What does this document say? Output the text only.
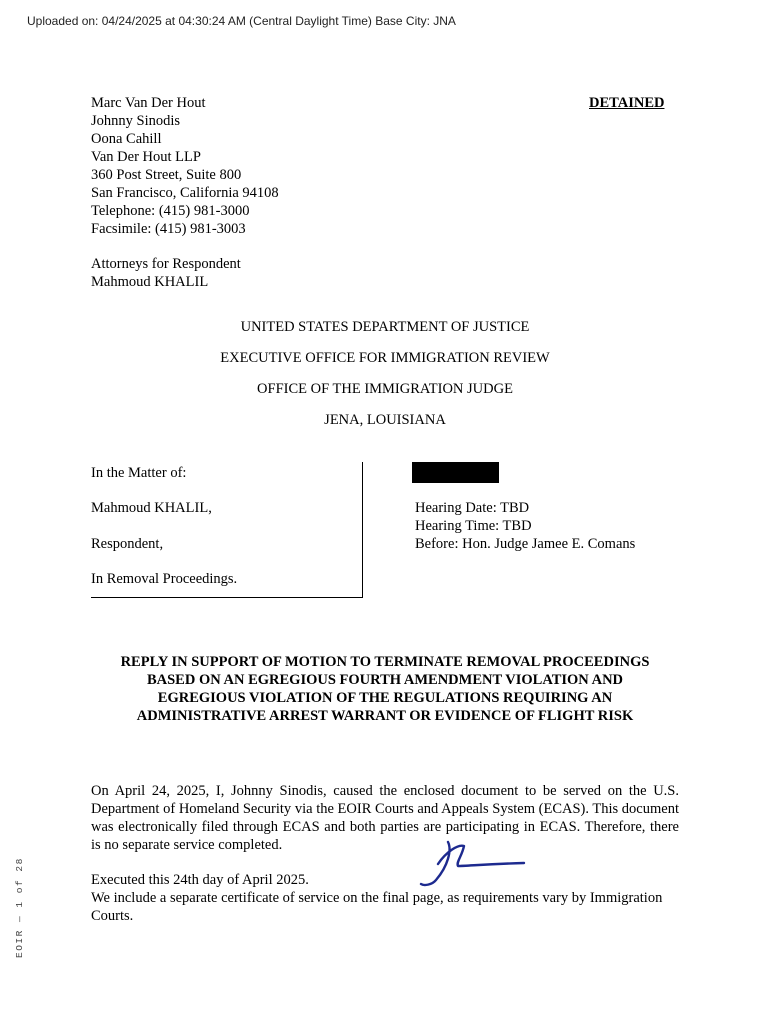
Uploaded on: 04/24/2025 at 04:30:24 AM (Central Daylight Time) Base City: JNA
EOIR — 1 of 28
Marc Van Der Hout
Johnny Sinodis
Oona Cahill
Van Der Hout LLP
360 Post Street, Suite 800
San Francisco, California 94108
Telephone: (415) 981-3000
Facsimile: (415) 981-3003
DETAINED
Attorneys for Respondent
Mahmoud KHALIL
UNITED STATES DEPARTMENT OF JUSTICE
EXECUTIVE OFFICE FOR IMMIGRATION REVIEW
OFFICE OF THE IMMIGRATION JUDGE
JENA, LOUISIANA
In the Matter of:
Mahmoud KHALIL,
Respondent,
In Removal Proceedings.
Hearing Date: TBD
Hearing Time: TBD
Before: Hon. Judge Jamee E. Comans
REPLY IN SUPPORT OF MOTION TO TERMINATE REMOVAL PROCEEDINGS
BASED ON AN EGREGIOUS FOURTH AMENDMENT VIOLATION AND
EGREGIOUS VIOLATION OF THE REGULATIONS REQUIRING AN
ADMINISTRATIVE ARREST WARRANT OR EVIDENCE OF FLIGHT RISK
On April 24, 2025, I, Johnny Sinodis, caused the enclosed document to be served on the U.S. Department of Homeland Security via the EOIR Courts and Appeals System (ECAS). This document was electronically filed through ECAS and both parties are participating in ECAS. Therefore, there is no separate service completed.
Executed this 24th day of April 2025.
We include a separate certificate of service on the final page, as requirements vary by Immigration Courts.
